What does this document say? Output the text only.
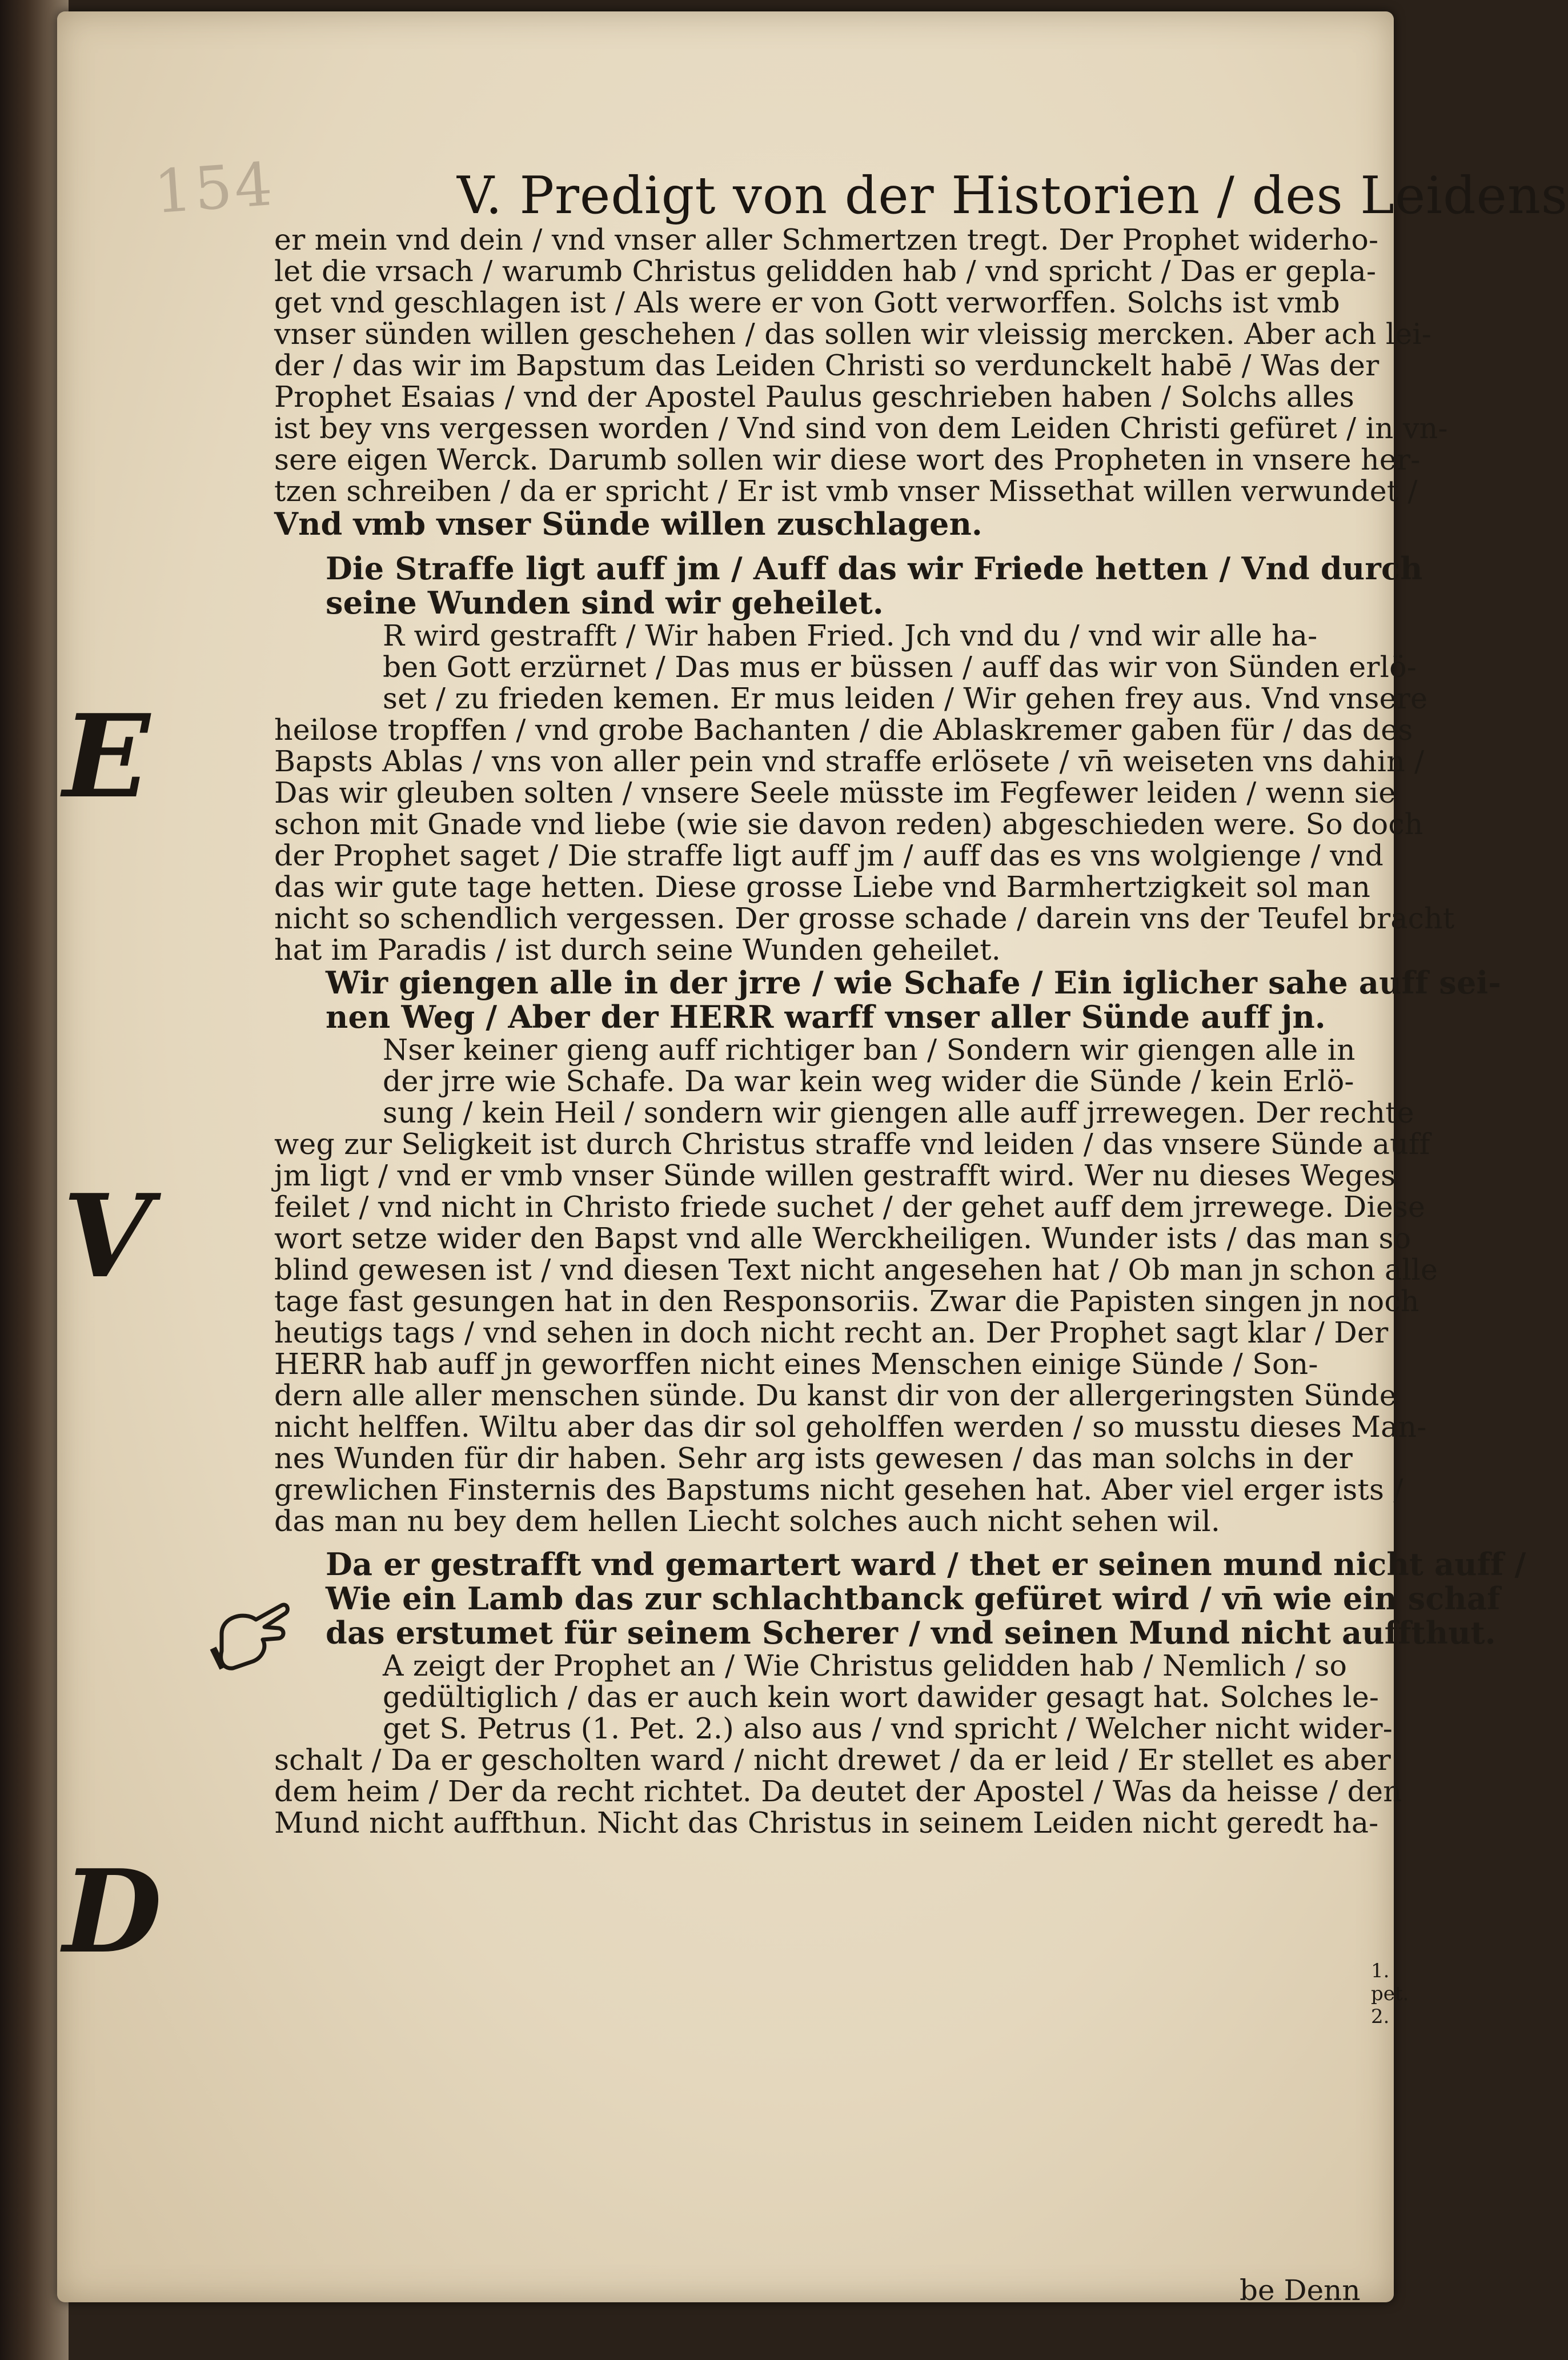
154	V. Predigt von der Historien / des Leidens
1. pet. 2.
E
V
D
be Denn
er mein vnd dein / vnd vnser aller Schmertzen tregt. Der Prophet widerho-
let die vrsach / warumb Christus gelidden hab / vnd spricht / Das er gepla-
get vnd geschlagen ist / Als were er von Gott verworffen. Solchs ist vmb
vnser sünden willen geschehen / das sollen wir vleissig mercken. Aber ach lei-
der / das wir im Bapstum das Leiden Christi so verdunckelt habē / Was der
Prophet Esaias / vnd der Apostel Paulus geschrieben haben / Solchs alles
ist bey vns vergessen worden / Vnd sind von dem Leiden Christi gefüret / in vn-
sere eigen Werck. Darumb sollen wir diese wort des Propheten in vnsere her-
tzen schreiben / da er spricht / Er ist vmb vnser Missethat willen verwundet /
Vnd vmb vnser Sünde willen zuschlagen.
Die Straffe ligt auff jm / Auff das wir Friede hetten / Vnd durch
seine Wunden sind wir geheilet.
R wird gestrafft / Wir haben Fried. Jch vnd du / vnd wir alle ha-
ben Gott erzürnet / Das mus er büssen / auff das wir von Sünden erlö-
set / zu frieden kemen. Er mus leiden / Wir gehen frey aus. Vnd vnsere
heilose tropffen / vnd grobe Bachanten / die Ablaskremer gaben für / das des
Bapsts Ablas / vns von aller pein vnd straffe erlösete / vn̄ weiseten vns dahin /
Das wir gleuben solten / vnsere Seele müsste im Fegfewer leiden / wenn sie
schon mit Gnade vnd liebe (wie sie davon reden) abgeschieden were. So doch
der Prophet saget / Die straffe ligt auff jm / auff das es vns wolgienge / vnd
das wir gute tage hetten. Diese grosse Liebe vnd Barmhertzigkeit sol man
nicht so schendlich vergessen. Der grosse schade / darein vns der Teufel bracht
hat im Paradis / ist durch seine Wunden geheilet.
Wir giengen alle in der jrre / wie Schafe / Ein iglicher sahe auff sei-
nen Weg / Aber der HERR warff vnser aller Sünde auff jn.
Nser keiner gieng auff richtiger ban / Sondern wir giengen alle in
der jrre wie Schafe. Da war kein weg wider die Sünde / kein Erlö-
sung / kein Heil / sondern wir giengen alle auff jrrewegen. Der rechte
weg zur Seligkeit ist durch Christus straffe vnd leiden / das vnsere Sünde auff
jm ligt / vnd er vmb vnser Sünde willen gestrafft wird. Wer nu dieses Weges
feilet / vnd nicht in Christo friede suchet / der gehet auff dem jrrewege. Diese
wort setze wider den Bapst vnd alle Werckheiligen. Wunder ists / das man so
blind gewesen ist / vnd diesen Text nicht angesehen hat / Ob man jn schon alle
tage fast gesungen hat in den Responsoriis. Zwar die Papisten singen jn noch
heutigs tags / vnd sehen in doch nicht recht an. Der Prophet sagt klar / Der
HERR hab auff jn geworffen nicht eines Menschen einige Sünde / Son-
dern alle aller menschen sünde. Du kanst dir von der allergeringsten Sünde
nicht helffen. Wiltu aber das dir sol geholffen werden / so musstu dieses Man-
nes Wunden für dir haben. Sehr arg ists gewesen / das man solchs in der
grewlichen Finsternis des Bapstums nicht gesehen hat. Aber viel erger ists /
das man nu bey dem hellen Liecht solches auch nicht sehen wil.
Da er gestrafft vnd gemartert ward / thet er seinen mund nicht auff /
Wie ein Lamb das zur schlachtbanck gefüret wird / vn̄ wie ein schaf
das erstumet für seinem Scherer / vnd seinen Mund nicht auffthut.
A zeigt der Prophet an / Wie Christus gelidden hab / Nemlich / so
gedültiglich / das er auch kein wort dawider gesagt hat. Solches le-
get S. Petrus (1. Pet. 2.) also aus / vnd spricht / Welcher nicht wider-
schalt / Da er gescholten ward / nicht drewet / da er leid / Er stellet es aber
dem heim / Der da recht richtet. Da deutet der Apostel / Was da heisse / den
Mund nicht auffthun. Nicht das Christus in seinem Leiden nicht geredt ha-
